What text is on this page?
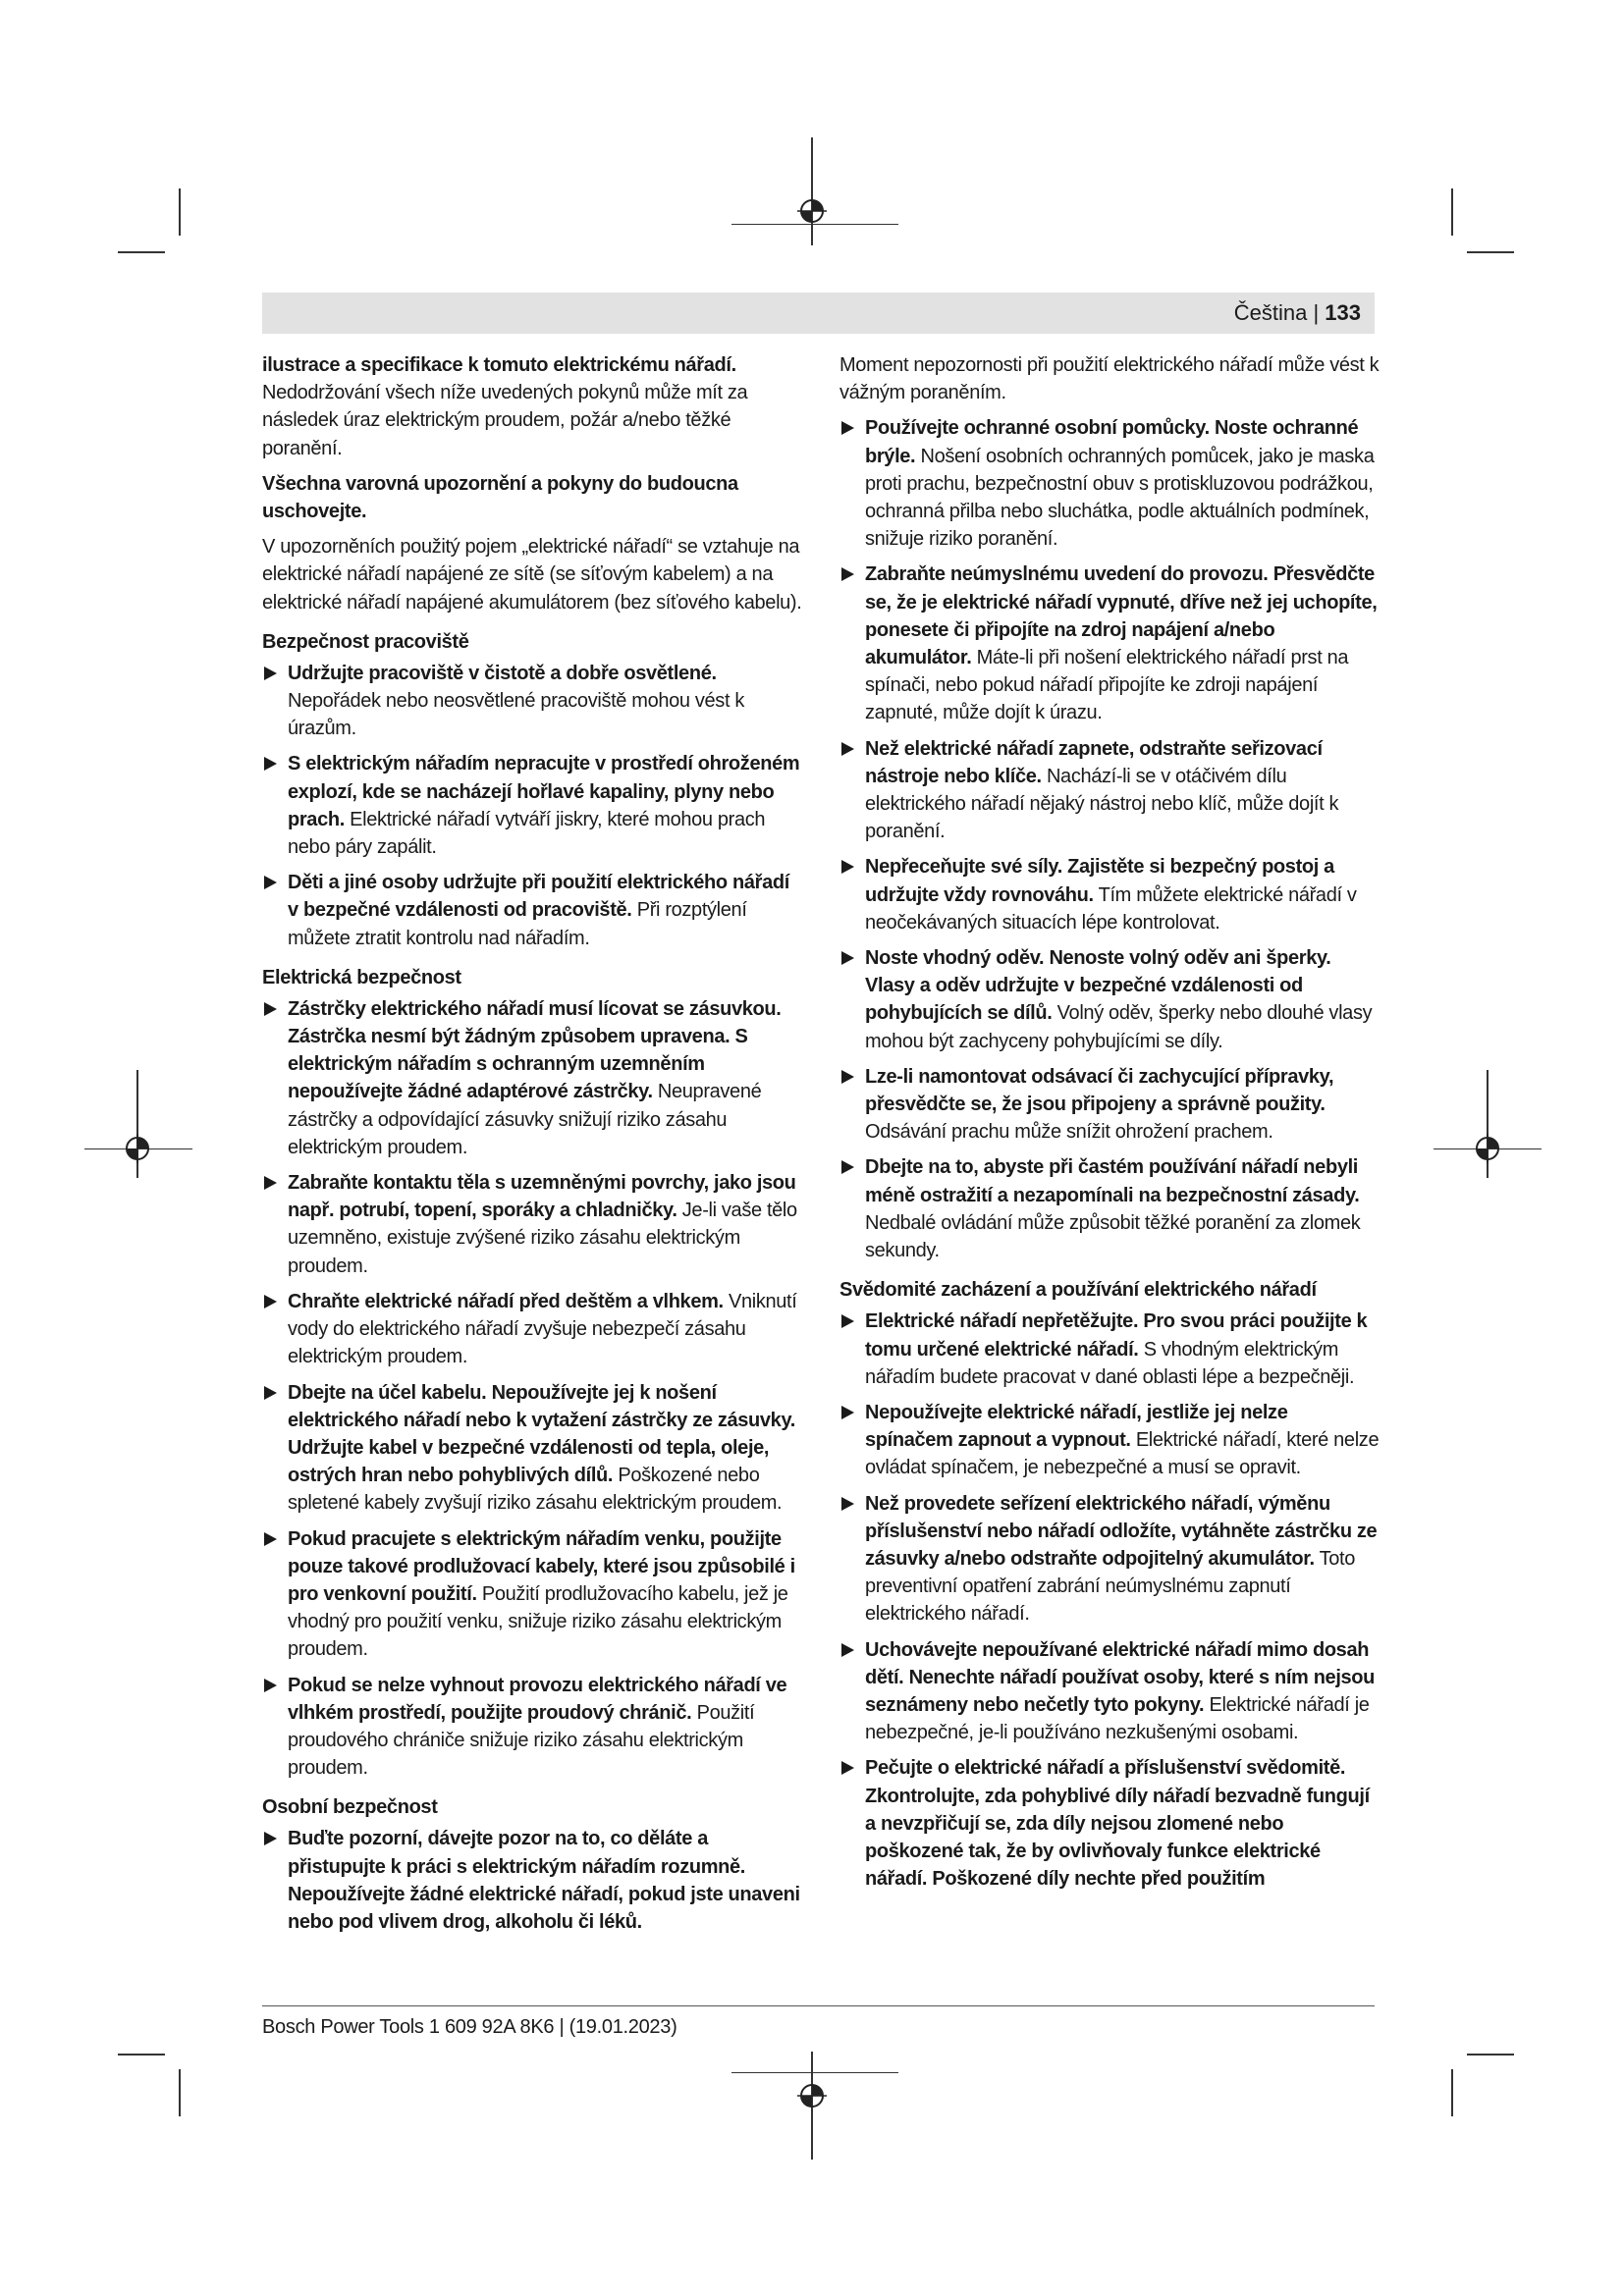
Čeština | 133

ilustrace a specifikace k tomuto elektrickému nářadí. Nedodržování všech níže uvedených pokynů může mít za následek úraz elektrickým proudem, požár a/nebo těžké poranění.

Všechna varovná upozornění a pokyny do budoucna uschovejte.

V upozorněních použitý pojem „elektrické nářadí“ se vztahuje na elektrické nářadí napájené ze sítě (se síťovým kabelem) a na elektrické nářadí napájené akumulátorem (bez síťového kabelu).

Bezpečnost pracoviště
Udržujte pracoviště v čistotě a dobře osvětlené. Nepořádek nebo neosvětlené pracoviště mohou vést k úrazům.
S elektrickým nářadím nepracujte v prostředí ohroženém explozí, kde se nacházejí hořlavé kapaliny, plyny nebo prach. Elektrické nářadí vytváří jiskry, které mohou prach nebo páry zapálit.
Děti a jiné osoby udržujte při použití elektrického nářadí v bezpečné vzdálenosti od pracoviště. Při rozptýlení můžete ztratit kontrolu nad nářadím.
Elektrická bezpečnost
Zástrčky elektrického nářadí musí lícovat se zásuvkou. Zástrčka nesmí být žádným způsobem upravena. S elektrickým nářadím s ochranným uzemněním nepoužívejte žádné adaptérové zástrčky. Neupravené zástrčky a odpovídající zásuvky snižují riziko zásahu elektrickým proudem.
Zabraňte kontaktu těla s uzemněnými povrchy, jako jsou např. potrubí, topení, sporáky a chladničky. Je-li vaše tělo uzemněno, existuje zvýšené riziko zásahu elektrickým proudem.
Chraňte elektrické nářadí před deštěm a vlhkem. Vniknutí vody do elektrického nářadí zvyšuje nebezpečí zásahu elektrickým proudem.
Dbejte na účel kabelu. Nepoužívejte jej k nošení elektrického nářadí nebo k vytažení zástrčky ze zásuvky. Udržujte kabel v bezpečné vzdálenosti od tepla, oleje, ostrých hran nebo pohyblivých dílů. Poškozené nebo spletené kabely zvyšují riziko zásahu elektrickým proudem.
Pokud pracujete s elektrickým nářadím venku, použijte pouze takové prodlužovací kabely, které jsou způsobilé i pro venkovní použití. Použití prodlužovacího kabelu, jež je vhodný pro použití venku, snižuje riziko zásahu elektrickým proudem.
Pokud se nelze vyhnout provozu elektrického nářadí ve vlhkém prostředí, použijte proudový chránič. Použití proudového chrániče snižuje riziko zásahu elektrickým proudem.
Osobní bezpečnost
Buďte pozorní, dávejte pozor na to, co děláte a přistupujte k práci s elektrickým nářadím rozumně. Nepoužívejte žádné elektrické nářadí, pokud jste unaveni nebo pod vlivem drog, alkoholu či léků.

Moment nepozornosti při použití elektrického nářadí může vést k vážným poraněním.

Používejte ochranné osobní pomůcky. Noste ochranné brýle. Nošení osobních ochranných pomůcek, jako je maska proti prachu, bezpečnostní obuv s protiskluzovou podrážkou, ochranná přilba nebo sluchátka, podle aktuálních podmínek, snižuje riziko poranění.
Zabraňte neúmyslnému uvedení do provozu. Přesvědčte se, že je elektrické nářadí vypnuté, dříve než jej uchopíte, ponesete či připojíte na zdroj napájení a/nebo akumulátor. Máte-li při nošení elektrického nářadí prst na spínači, nebo pokud nářadí připojíte ke zdroji napájení zapnuté, může dojít k úrazu.
Než elektrické nářadí zapnete, odstraňte seřizovací nástroje nebo klíče. Nachází-li se v otáčivém dílu elektrického nářadí nějaký nástroj nebo klíč, může dojít k poranění.
Nepřeceňujte své síly. Zajistěte si bezpečný postoj a udržujte vždy rovnováhu. Tím můžete elektrické nářadí v neočekávaných situacích lépe kontrolovat.
Noste vhodný oděv. Nenoste volný oděv ani šperky. Vlasy a oděv udržujte v bezpečné vzdálenosti od pohybujících se dílů. Volný oděv, šperky nebo dlouhé vlasy mohou být zachyceny pohybujícími se díly.
Lze-li namontovat odsávací či zachycující přípravky, přesvědčte se, že jsou připojeny a správně použity. Odsávání prachu může snížit ohrožení prachem.
Dbejte na to, abyste při častém používání nářadí nebyli méně ostražití a nezapomínali na bezpečnostní zásady. Nedbalé ovládání může způsobit těžké poranění za zlomek sekundy.
Svědomité zacházení a používání elektrického nářadí
Elektrické nářadí nepřetěžujte. Pro svou práci použijte k tomu určené elektrické nářadí. S vhodným elektrickým nářadím budete pracovat v dané oblasti lépe a bezpečněji.
Nepoužívejte elektrické nářadí, jestliže jej nelze spínačem zapnout a vypnout. Elektrické nářadí, které nelze ovládat spínačem, je nebezpečné a musí se opravit.
Než provedete seřízení elektrického nářadí, výměnu příslušenství nebo nářadí odložíte, vytáhněte zástrčku ze zásuvky a/nebo odstraňte odpojitelný akumulátor. Toto preventivní opatření zabrání neúmyslnému zapnutí elektrického nářadí.
Uchovávejte nepoužívané elektrické nářadí mimo dosah dětí. Nenechte nářadí používat osoby, které s ním nejsou seznámeny nebo nečetly tyto pokyny. Elektrické nářadí je nebezpečné, je-li používáno nezkušenými osobami.
Pečujte o elektrické nářadí a příslušenství svědomitě. Zkontrolujte, zda pohyblivé díly nářadí bezvadně fungují a nevzpřičují se, zda díly nejsou zlomené nebo poškozené tak, že by ovlivňovaly funkce elektrické nářadí. Poškozené díly nechte před použitím
Bosch Power Tools 1 609 92A 8K6 | (19.01.2023)
